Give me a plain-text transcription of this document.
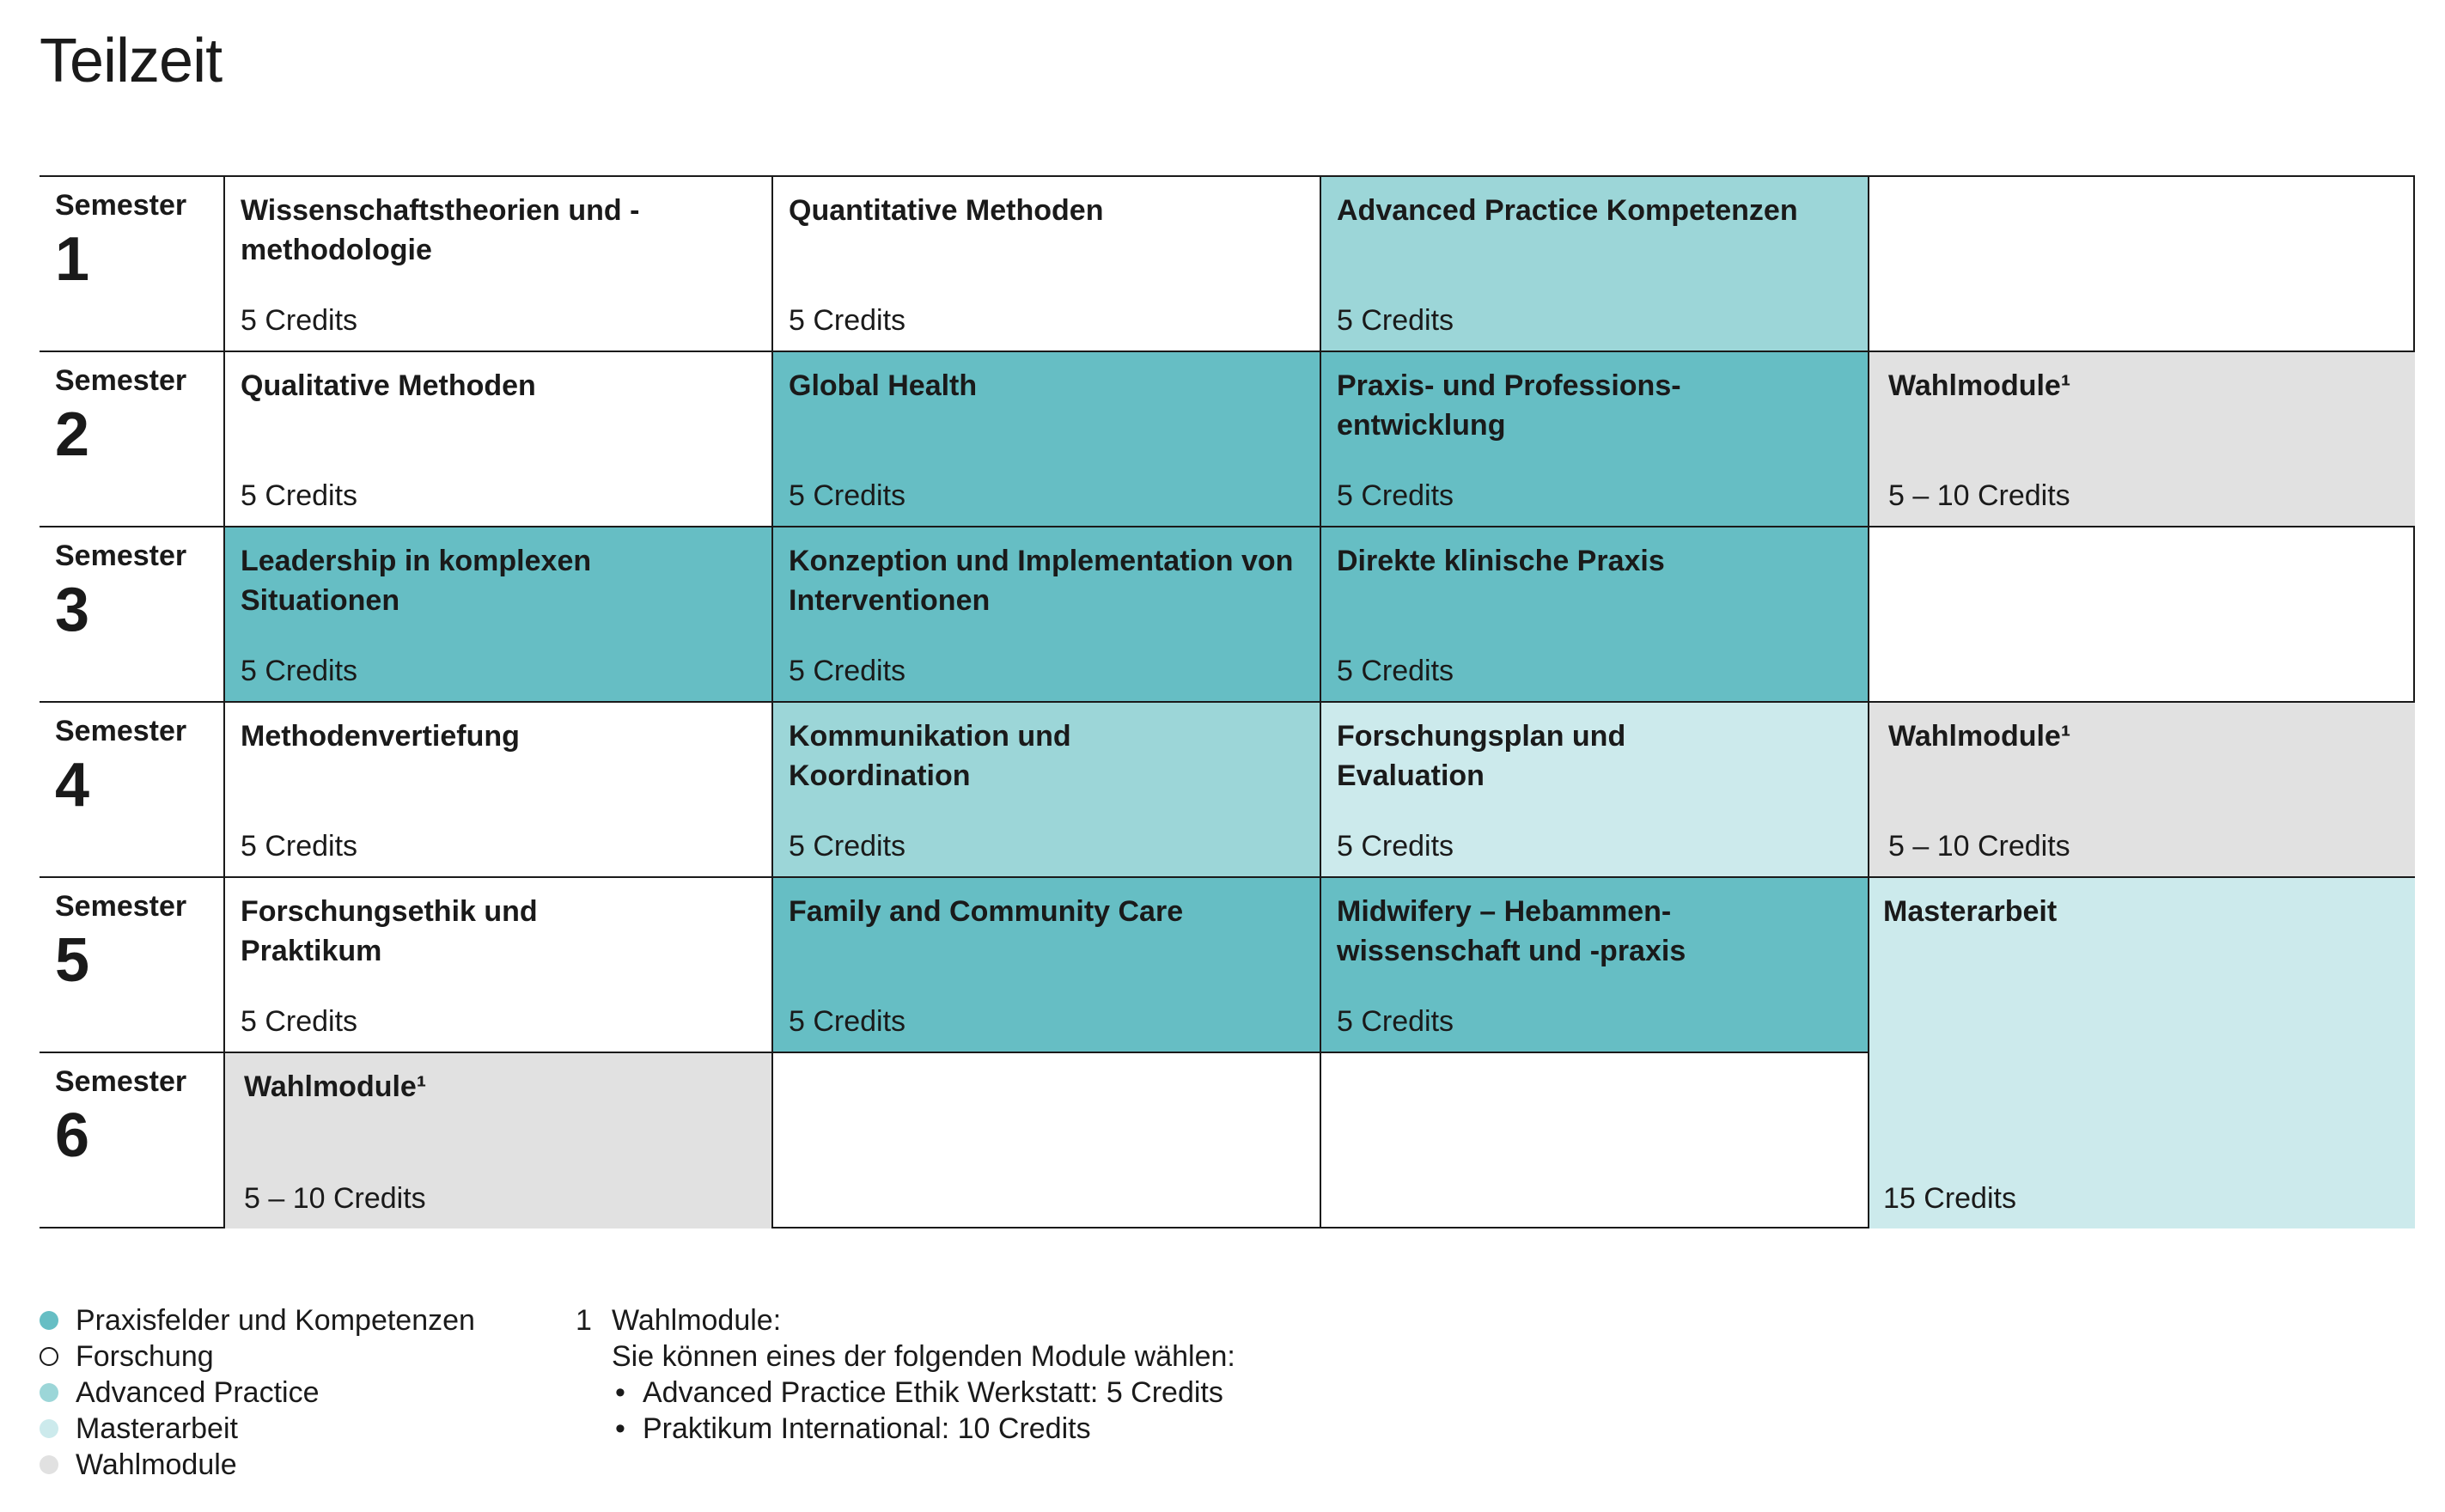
Teilzeit
Semester
1
Wissenschaftstheorien und -methodologie
5 Credits
Quantitative Methoden
5 Credits
Advanced Practice Kompetenzen
5 Credits
Semester
2
Qualitative Methoden
5 Credits
Global Health
5 Credits
Praxis- und Professions-entwicklung
5 Credits
Wahlmodule¹
5 – 10 Credits
Semester
3
Leadership in komplexen Situationen
5 Credits
Konzeption und Implementation von Interventionen
5 Credits
Direkte klinische Praxis
5 Credits
Semester
4
Methodenvertiefung
5 Credits
Kommunikation und Koordination
5 Credits
Forschungsplan und Evaluation
5 Credits
Wahlmodule¹
5 – 10 Credits
Semester
5
Forschungsethik und Praktikum
5 Credits
Family and Community Care
5 Credits
Midwifery – Hebammen-wissenschaft und -praxis
5 Credits
Masterarbeit
15 Credits
Semester
6
Wahlmodule¹
5 – 10 Credits
Praxisfelder und Kompetenzen
Forschung
Advanced Practice
Masterarbeit
Wahlmodule
1 Wahlmodule:
Sie können eines der folgenden Module wählen:
• Advanced Practice Ethik Werkstatt: 5 Credits
• Praktikum International: 10 Credits
